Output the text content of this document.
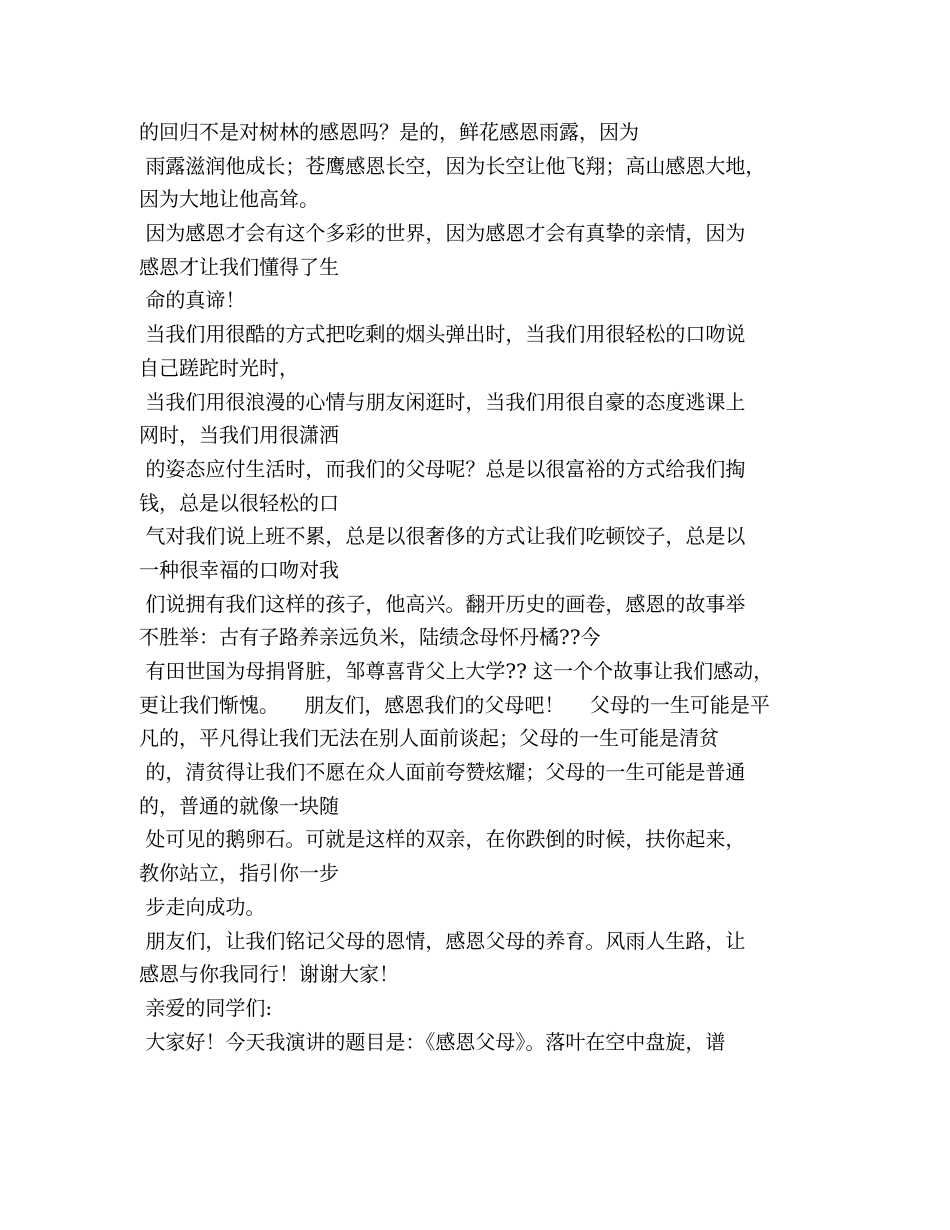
的回归不是对树林的感恩吗？是的，鲜花感恩雨露，因为
雨露滋润他成长；苍鹰感恩长空，因为长空让他飞翔；高山感恩大地，
因为大地让他高耸。
因为感恩才会有这个多彩的世界，因为感恩才会有真挚的亲情，因为
感恩才让我们懂得了生
命的真谛！
当我们用很酷的方式把吃剩的烟头弹出时，当我们用很轻松的口吻说
自己蹉跎时光时，
当我们用很浪漫的心情与朋友闲逛时，当我们用很自豪的态度逃课上
网时，当我们用很潇洒
的姿态应付生活时，而我们的父母呢？总是以很富裕的方式给我们掏
钱，总是以很轻松的口
气对我们说上班不累，总是以很奢侈的方式让我们吃顿饺子，总是以
一种很幸福的口吻对我
们说拥有我们这样的孩子，他高兴。翻开历史的画卷，感恩的故事举
不胜举：古有子路养亲远负米，陆绩念母怀丹橘??今
有田世国为母捐肾脏，邹尊喜背父上大学?? 这一个个故事让我们感动，
更让我们惭愧。    朋友们，感恩我们的父母吧！    父母的一生可能是平
凡的，平凡得让我们无法在别人面前谈起；父母的一生可能是清贫
的，清贫得让我们不愿在众人面前夸赞炫耀；父母的一生可能是普通
的，普通的就像一块随
处可见的鹅卵石。可就是这样的双亲，在你跌倒的时候，扶你起来，
教你站立，指引你一步
步走向成功。
朋友们，让我们铭记父母的恩情，感恩父母的养育。风雨人生路，让
感恩与你我同行！谢谢大家！
亲爱的同学们:
大家好！今天我演讲的题目是：《感恩父母》。落叶在空中盘旋，谱
